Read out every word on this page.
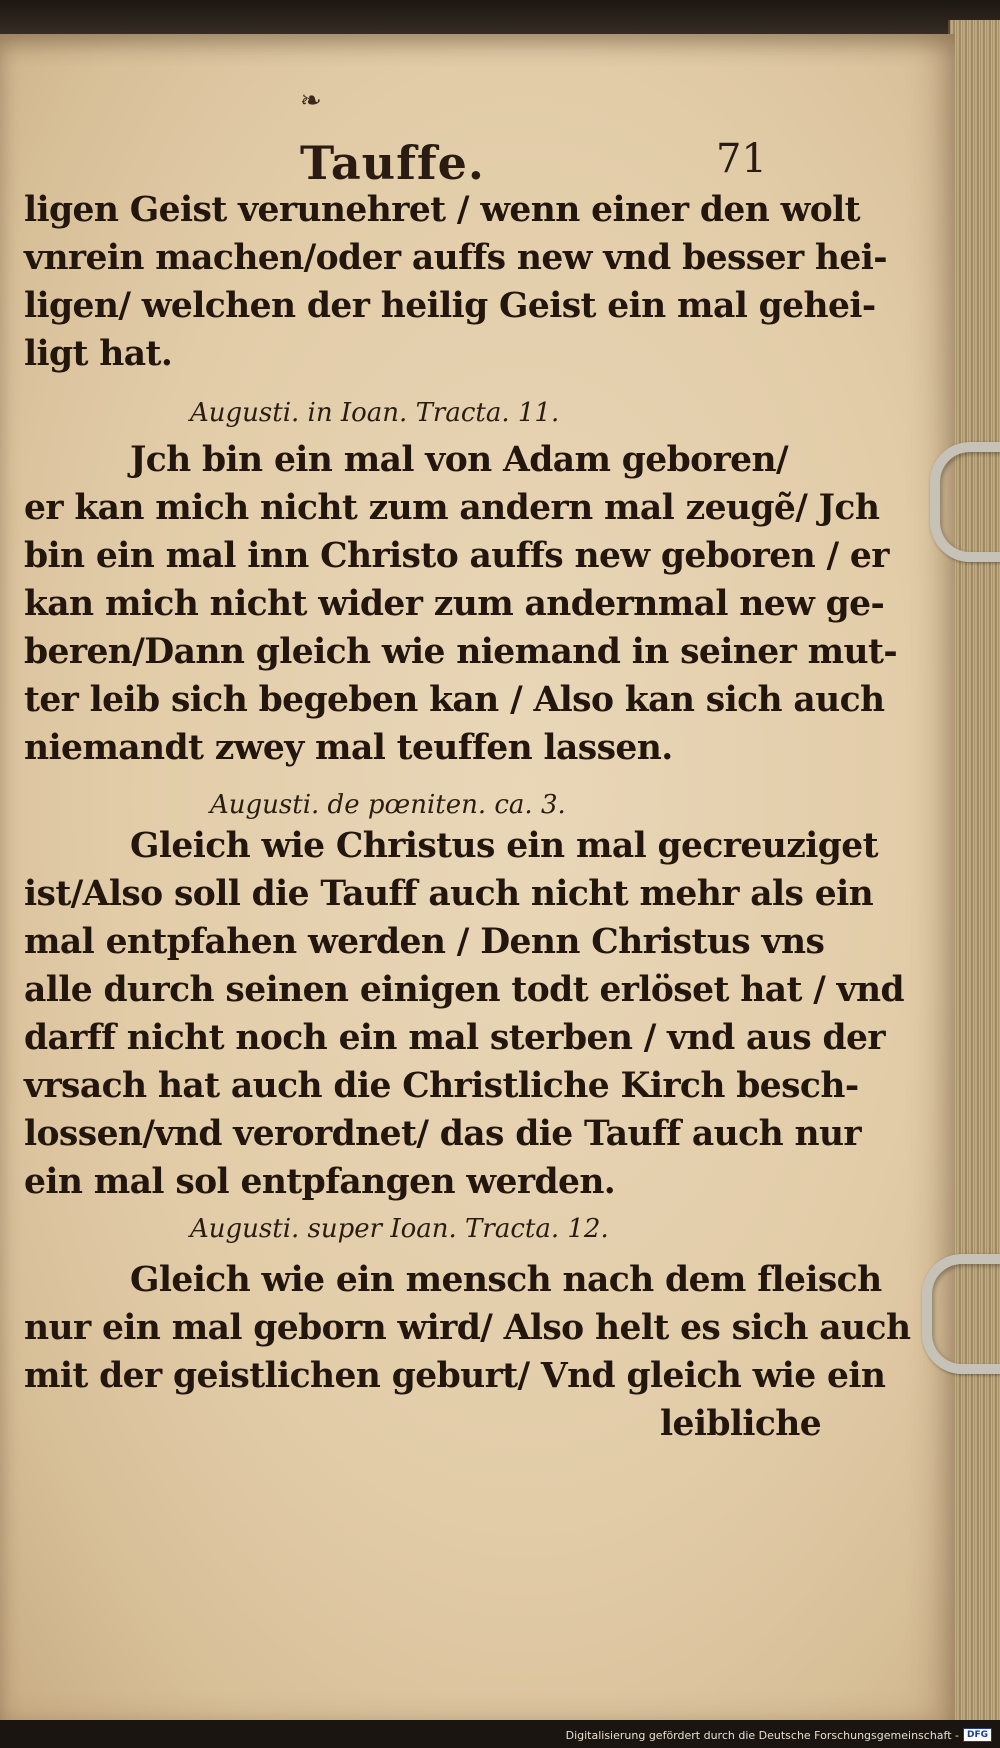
❧
Tauffe.	71
ligen Geist verunehret / wenn einer den wolt
vnrein machen/oder auffs new vnd besser hei-
ligen/ welchen der heilig Geist ein mal gehei-
ligt hat.
Augusti. in Ioan. Tracta. 11.
Jch bin ein mal von Adam geboren/
er kan mich nicht zum andern mal zeugẽ/ Jch
bin ein mal inn Christo auffs new geboren / er
kan mich nicht wider zum andernmal new ge-
beren/Dann gleich wie niemand in seiner mut-
ter leib sich begeben kan / Also kan sich auch
niemandt zwey mal teuffen lassen.
Augusti. de pœniten. ca. 3.
Gleich wie Christus ein mal gecreuziget
ist/Also soll die Tauff auch nicht mehr als ein
mal entpfahen werden / Denn Christus vns
alle durch seinen einigen todt erlöset hat / vnd
darff nicht noch ein mal sterben / vnd aus der
vrsach hat auch die Christliche Kirch besch-
lossen/vnd verordnet/ das die Tauff auch nur
ein mal sol entpfangen werden.
Augusti. super Ioan. Tracta. 12.
Gleich wie ein mensch nach dem fleisch
nur ein mal geborn wird/ Also helt es sich auch
mit der geistlichen geburt/ Vnd gleich wie ein
leibliche
Digitalisierung gefördert durch die Deutsche Forschungsgemeinschaft - DFG
